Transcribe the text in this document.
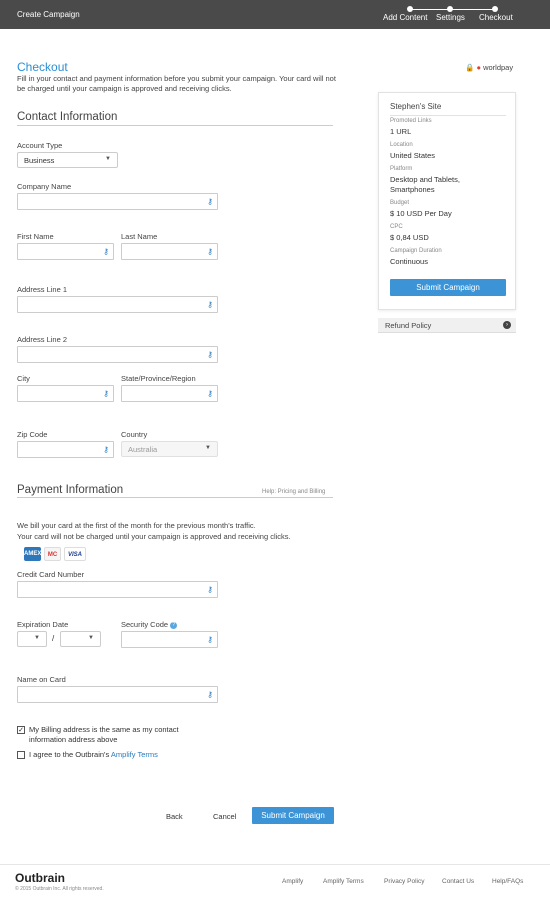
Create Campaign	Add Content Settings Checkout
Checkout
Fill in your contact and payment information before you submit your campaign. Your card will not be charged until your campaign is approved and receiving clicks.
🔒 ● worldpay
Contact Information
Account Type
Business	▼
Company Name
⚷
First Name
⚷
Last Name
⚷
Address Line 1
⚷
Address Line 2
⚷
City
⚷
State/Province/Region
⚷
Zip Code
⚷
Country
Australia	▼
Payment Information	Help: Pricing and Billing
We bill your card at the first of the month for the previous month's traffic.
Your card will not be charged until your campaign is approved and receiving clicks.
AMEX	MC	VISA
Credit Card Number
⚷
Expiration Date
▼ /	▼
Security Code ?
⚷
Name on Card
⚷
✓ My Billing address is the same as my contact information address above
I agree to the Outbrain's Amplify Terms
Back	Cancel	Submit Campaign
Stephen's Site
Promoted Links
1 URL
Location
United States
Platform
Desktop and Tablets, Smartphones
Budget
$ 10 USD Per Day
CPC
$ 0,84 USD
Campaign Duration
Continuous
Submit Campaign
Refund Policy	›
Outbrain
© 2015 Outbrain Inc. All rights reserved.
Amplify	Amplify Terms	Privacy Policy	Contact Us	Help/FAQs
